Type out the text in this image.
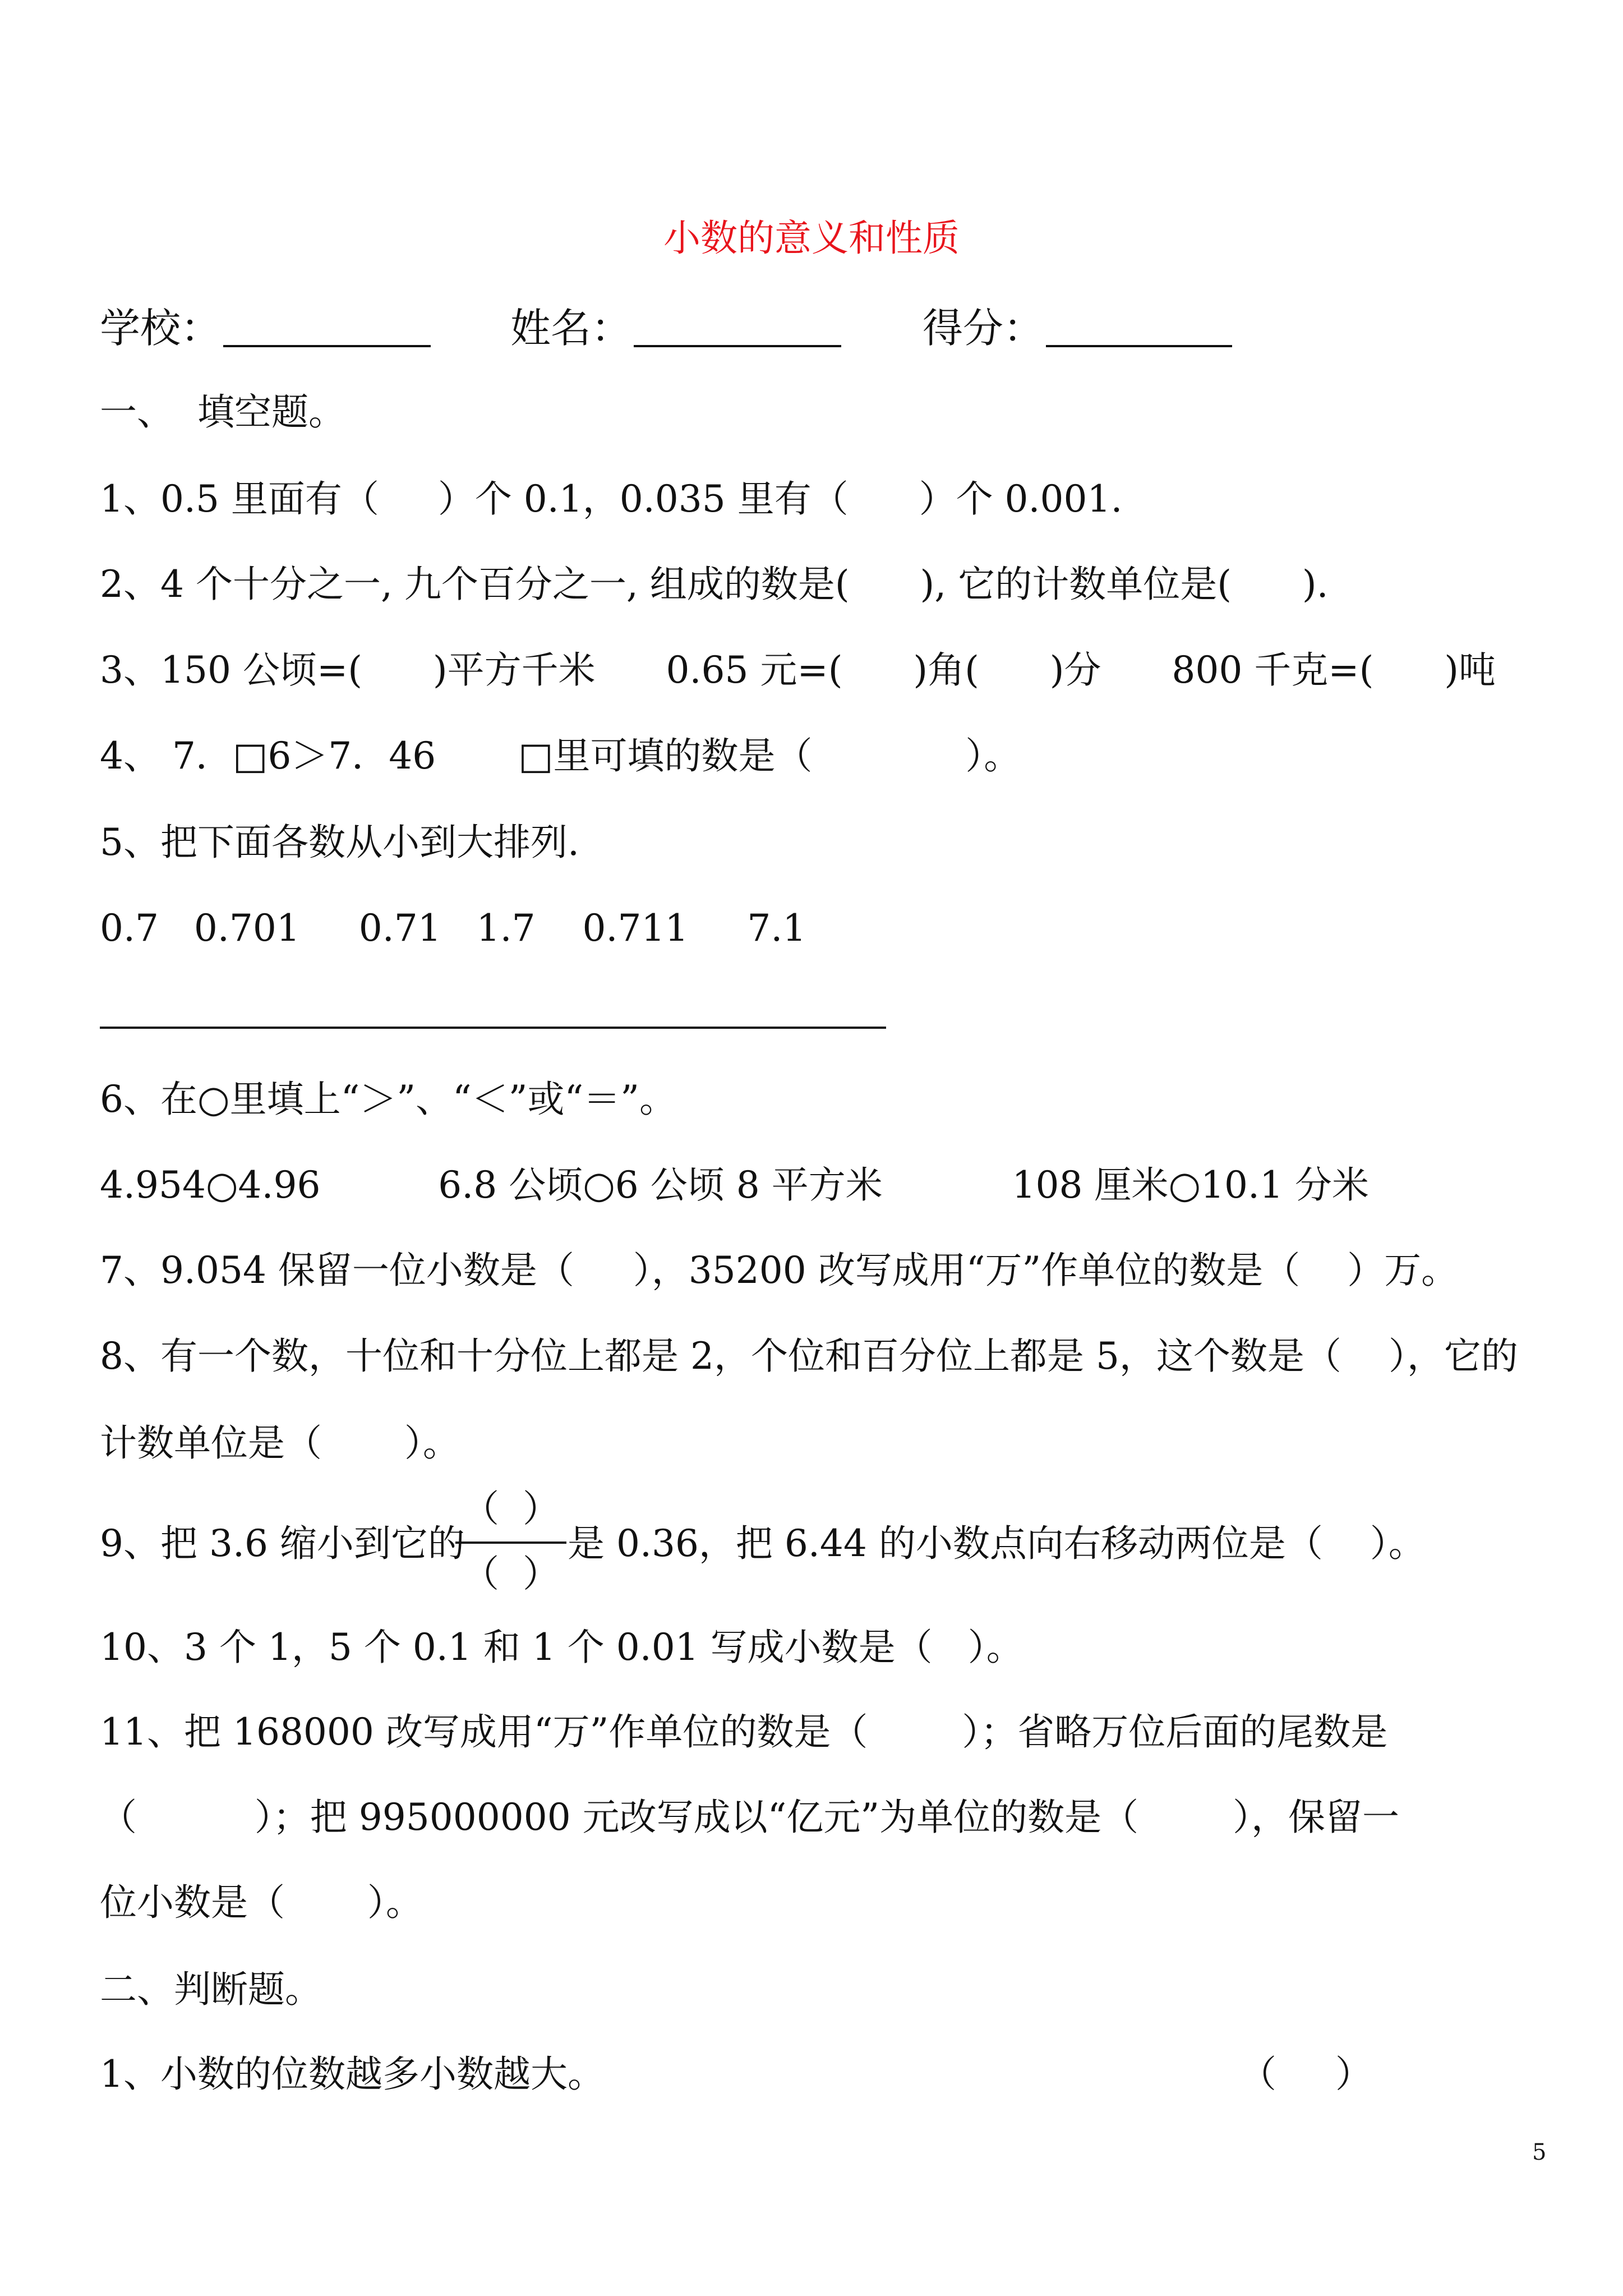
小数的意义和性质
学校：	姓名：	得分：
一、  填空题。
1、0.5 里面有（     ）个 0.1，0.035 里有（      ）个 0.001.
2、4 个十分之一, 九个百分之一, 组成的数是(      ), 它的计数单位是(      ).
3、150 公顷=(      )平方千米      0.65 元=(      )角(      )分      800 千克=(      )吨
4、 7．□6＞7．46       □里可填的数是（             ）。
5、把下面各数从小到大排列.
0.7   0.701     0.71   1.7    0.711     7.1
6、在○里填上“＞”、“＜”或“＝”。
4.954○4.96          6.8 公顷○6 公顷 8 平方米           108 厘米○10.1 分米
7、9.054 保留一位小数是（     ），35200 改写成用“万”作单位的数是（    ）万。
8、有一个数，十位和十分位上都是 2，个位和百分位上都是 5，这个数是（    ），它的
计数单位是（       ）。
9、把 3.6 缩小到它的
（  ）
（  ）
是 0.36，把 6.44 的小数点向右移动两位是（    ）。
10、3 个 1，5 个 0.1 和 1 个 0.01 写成小数是（   ）。
11、把 168000 改写成用“万”作单位的数是（        ）；省略万位后面的尾数是
（          ）；把 995000000 元改写成以“亿元”为单位的数是（        ），保留一
位小数是（       ）。
二、判断题。
1、小数的位数越多小数越大。	（     ）
5
